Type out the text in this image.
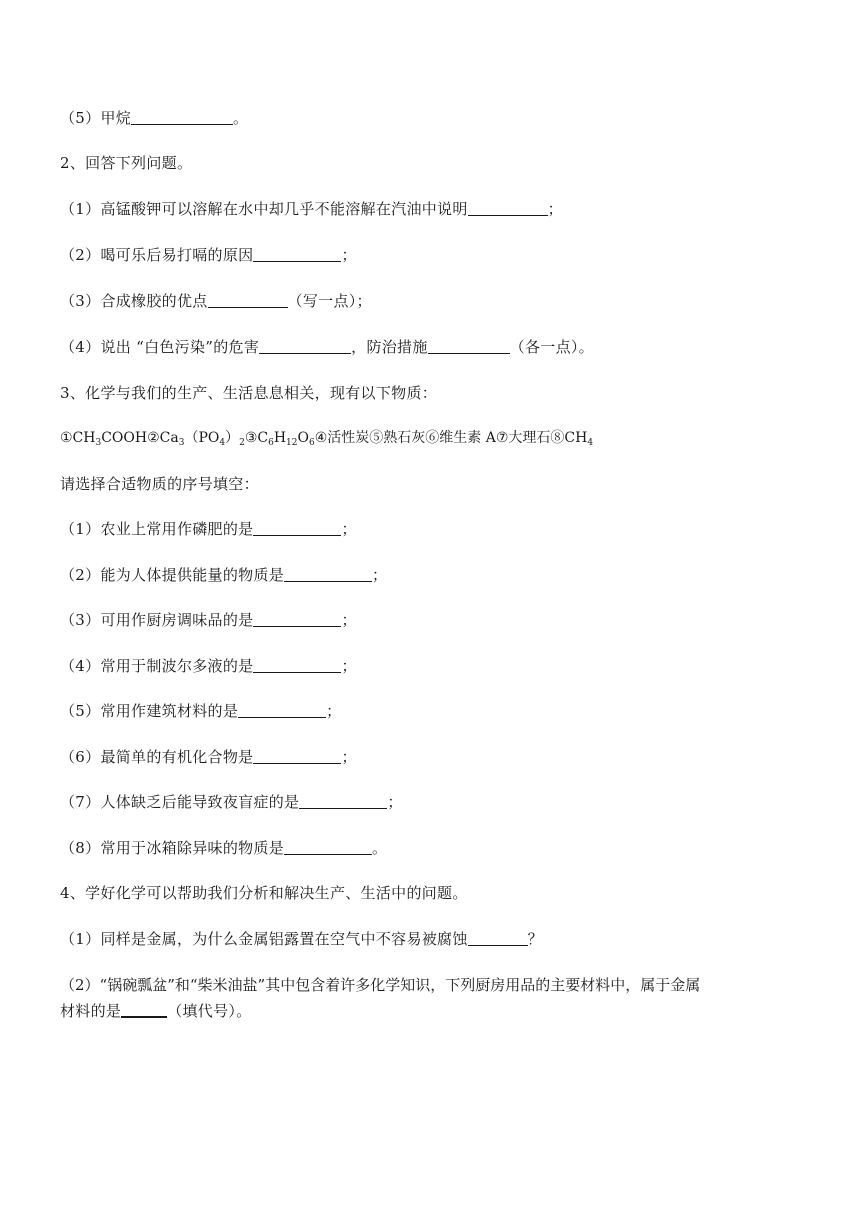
（5）甲烷	。
2、回答下列问题。
（1）高锰酸钾可以溶解在水中却几乎不能溶解在汽油中说明	；
（2）喝可乐后易打嗝的原因	；
（3）合成橡胶的优点	（写一点）；
（4）说出 “白色污染”的危害	，防治措施	（各一点）。
3、化学与我们的生产、生活息息相关，现有以下物质：
$①CH_3COOH②Ca_3(PO_4)_2③C_6H_{12}O_6④$活性炭⑤熟石灰⑥维生素 A⑦大理石$⑧CH_4$
请选择合适物质的序号填空：
（1）农业上常用作磷肥的是	；
（2）能为人体提供能量的物质是	；
（3）可用作厨房调味品的是	；
（4）常用于制波尔多液的是	；
（5）常用作建筑材料的是	；
（6）最简单的有机化合物是	；
（7）人体缺乏后能导致夜盲症的是	；
（8）常用于冰箱除异味的物质是	。
4、学好化学可以帮助我们分析和解决生产、生活中的问题。
（1）同样是金属，为什么金属铝露置在空气中不容易被腐蚀	？
（2）“锅碗瓢盆”和“柴米油盐”其中包含着许多化学知识，下列厨房用品的主要材料中，属于金属
材料的是	（填代号）。
